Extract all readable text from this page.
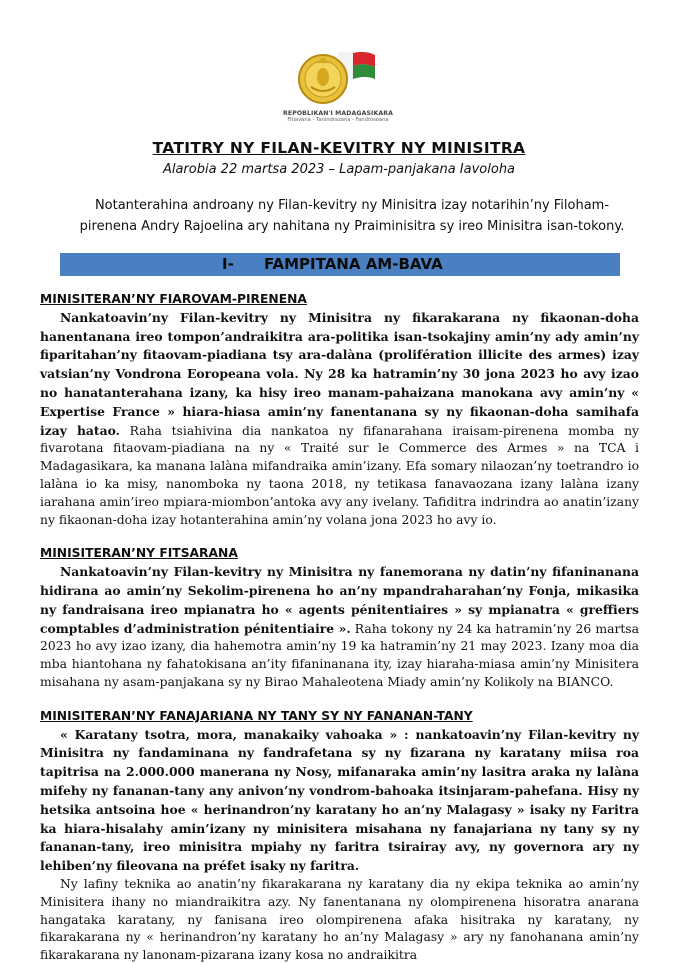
REPOBLIKAN'I MADAGASIKARA
Fitiavana - Tanindrazana - Fandrosoana
TATITRY NY FILAN-KEVITRY NY MINISITRA
Alarobia 22 martsa 2023 – Lapam-panjakana Iavoloha
Notanterahina androany ny Filan-kevitry ny Minisitra izay notarihin’ny Filoham-pirenena Andry Rajoelina ary nahitana ny Praiminisitra sy ireo Minisitra isan-tokony.
I- FAMPITANA AM-BAVA
MINISITERAN’NY FIAROVAM-PIRENENA

Nankatoavin’ny Filan-kevitry ny Minisitra ny fikarakarana ny fikaonan-doha hanentanana ireo tompon’andraikitra ara-politika isan-tsokajiny amin’ny ady amin’ny fiparitahan’ny fitaovam-piadiana tsy ara-dalàna (prolifération illicite des armes) izay vatsian’ny Vondrona Eoropeana vola. Ny 28 ka hatramin’ny 30 jona 2023 ho avy izao no hanatanterahana izany, ka hisy ireo manam-pahaizana manokana avy amin’ny « Expertise France » hiara-hiasa amin’ny fanentanana sy ny fikaonan-doha samihafa izay hatao. Raha tsiahivina dia nankatoa ny fifanarahana iraisam-pirenena momba ny fivarotana fitaovam-piadiana na ny « Traité sur le Commerce des Armes » na TCA i Madagasikara, ka manana lalàna mifandraika amin’izany. Efa somary nilaozan’ny toetrandro io lalàna io ka misy, nanomboka ny taona 2018, ny tetikasa fanavaozana izany lalàna izany iarahana amin’ireo mpiara-miombon’antoka avy any ivelany. Tafiditra indrindra ao anatin’izany ny fikaonan-doha izay hotanterahina amin’ny volana jona 2023 ho avy io.

MINISITERAN’NY FITSARANA

Nankatoavin’ny Filan-kevitry ny Minisitra ny fanemorana ny datin’ny fifaninanana hidirana ao amin’ny Sekolim-pirenena ho an’ny mpandraharahan’ny Fonja, mikasika ny fandraisana ireo mpianatra ho « agents pénitentiaires » sy mpianatra « greffiers comptables d’administration pénitentiaire ». Raha tokony ny 24 ka hatramin’ny 26 martsa 2023 ho avy izao izany, dia hahemotra amin’ny 19 ka hatramin’ny 21 may 2023. Izany moa dia mba hiantohana ny fahatokisana an’ity fifaninanana ity, izay hiaraha-miasa amin’ny Minisitera misahana ny asam-panjakana sy ny Birao Mahaleotena Miady amin’ny Kolikoly na BIANCO.

MINISITERAN’NY FANAJARIANA NY TANY SY NY FANANAN-TANY

« Karatany tsotra, mora, manakaiky vahoaka » : nankatoavin’ny Filan-kevitry ny Minisitra ny fandaminana ny fandrafetana sy ny fizarana ny karatany miisa roa tapitrisa na 2.000.000 manerana ny Nosy, mifanaraka amin’ny lasitra araka ny lalàna mifehy ny fananan-tany any anivon’ny vondrom-bahoaka itsinjaram-pahefana. Hisy ny hetsika antsoina hoe « herinandron’ny karatany ho an’ny Malagasy » isaky ny Faritra ka hiara-hisalahy amin’izany ny minisitera misahana ny fanajariana ny tany sy ny fananan-tany, ireo minisitra mpiahy ny faritra tsirairay avy, ny governora ary ny lehiben’ny fileovana na préfet isaky ny faritra.

Ny lafiny teknika ao anatin’ny fikarakarana ny karatany dia ny ekipa teknika ao amin’ny Minisitera ihany no miandraikitra azy. Ny fanentanana ny olompirenena hisoratra anarana hangataka karatany, ny fanisana ireo olompirenena afaka hisitraka ny karatany, ny fikarakarana ny « herinandron’ny karatany ho an’ny Malagasy » ary ny fanohanana amin’ny fikarakarana ny lanonam-pizarana izany kosa no andraikitra
